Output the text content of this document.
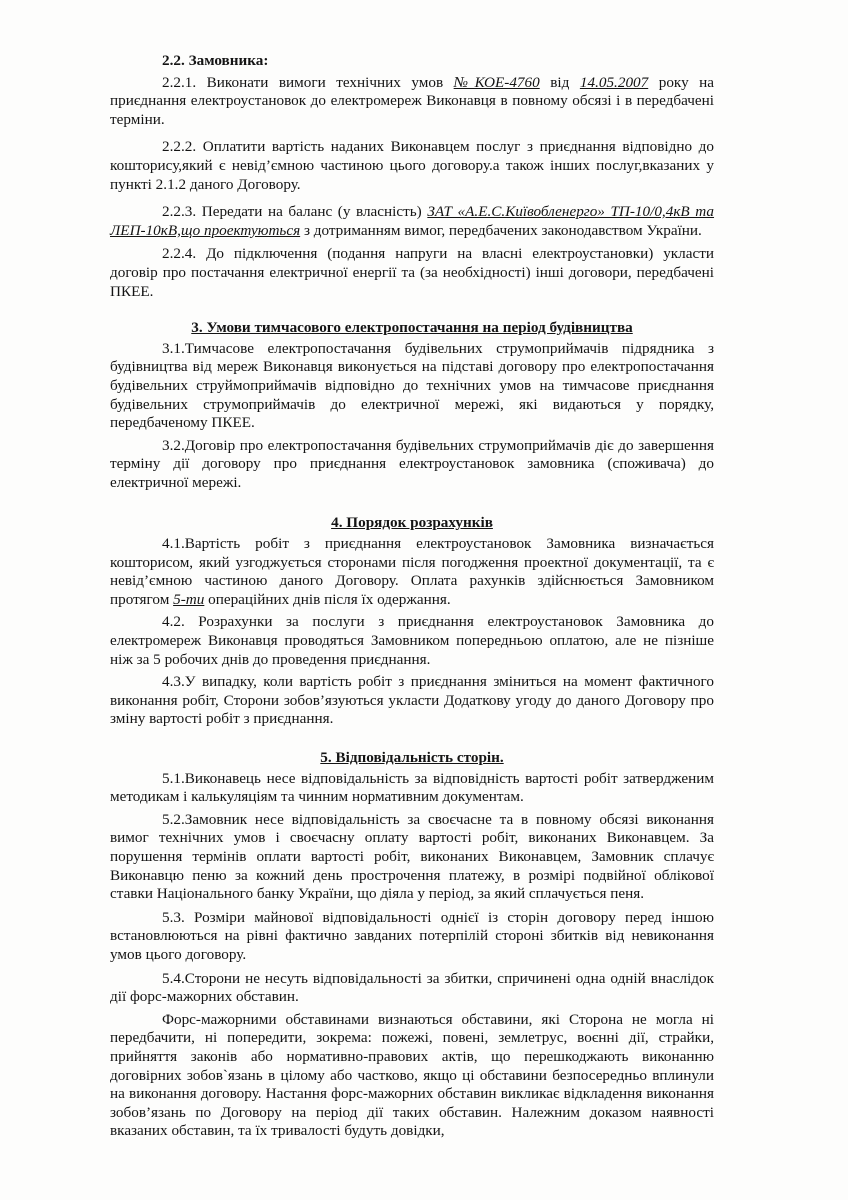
2.2. Замовника:

2.2.1. Виконати вимоги технічних умов №КОЕ-4760 від 14.05.2007 року на приєднання електроустановок до електромереж Виконавця в повному обсязі і в передбачені терміни.

2.2.2. Оплатити вартість наданих Виконавцем послуг з приєднання відповідно до кошторису,який є невід’ємною частиною цього договору.а також інших послуг,вказаних у пункті 2.1.2 даного Договору.

2.2.3. Передати на баланс (у власність) ЗАТ «А.Е.С.Київобленерго» ТП-10/0,4кВ та ЛЕП-10кВ,що проектуються з дотриманням вимог, передбачених законодавством України.

2.2.4. До підключення (подання напруги на власні електроустановки) укласти договір про постачання електричної енергії та (за необхідності) інші договори, передбачені ПКЕЕ.

3. Умови тимчасового електропостачання на період будівництва

3.1.Тимчасове електропостачання будівельних струмоприймачів підрядника з будівництва від мереж Виконавця виконується на підставі договору про електропостачання будівельних струймоприймачів відповідно до технічних умов на тимчасове приєднання будівельних струмоприймачів до електричної мережі, які видаються у порядку, передбаченому ПКЕЕ.

3.2.Договір про електропостачання будівельних струмоприймачів діє до завершення терміну дії договору про приєднання електроустановок замовника (споживача) до електричної мережі.

4. Порядок розрахунків

4.1.Вартість робіт з приєднання електроустановок Замовника визначається кошторисом, який узгоджується сторонами після погодження проектної документації, та є невід’ємною частиною даного Договору. Оплата рахунків здійснюється Замовником протягом 5-ти операційних днів після їх одержання.

4.2. Розрахунки за послуги з приєднання електроустановок Замовника до електромереж Виконавця проводяться Замовником попередньою оплатою, але не пізніше ніж за 5 робочих днів до проведення приєднання.

4.3.У випадку, коли вартість робіт з приєднання зміниться на момент фактичного виконання робіт, Сторони зобов’язуються укласти Додаткову угоду до даного Договору про зміну вартості робіт з приєднання.

5. Відповідальність сторін.

5.1.Виконавець несе відповідальність за відповідність вартості робіт затвердженим методикам і калькуляціям та чинним нормативним документам.

5.2.Замовник несе відповідальність за своєчасне та в повному обсязі виконання вимог технічних умов і своєчасну оплату вартості робіт, виконаних Виконавцем. За порушення термінів оплати вартості робіт, виконаних Виконавцем, Замовник сплачує Виконавцю пеню за кожний день прострочення платежу, в розмірі подвійної облікової ставки Національного банку України, що діяла у період, за який сплачується пеня.

5.3. Розміри майнової відповідальності однієї із сторін договору перед іншою встановлюються на рівні фактично завданих потерпілій стороні збитків від невиконання умов цього договору.

5.4.Сторони не несуть відповідальності за збитки, спричинені одна одній внаслідок дії форс-мажорних обставин.

Форс-мажорними обставинами визнаються обставини, які Сторона не могла ні передбачити, ні попередити, зокрема: пожежі, повені, землетрус, воєнні дії, страйки, прийняття законів або нормативно-правових актів, що перешкоджають виконанню договірних зобов`язань в цілому або частково, якщо ці обставини безпосередньо вплинули на виконання договору. Настання форс-мажорних обставин викликає відкладення виконання зобов’язань по Договору на період дії таких обставин. Належним доказом наявності вказаних обставин, та їх тривалості будуть довідки,
